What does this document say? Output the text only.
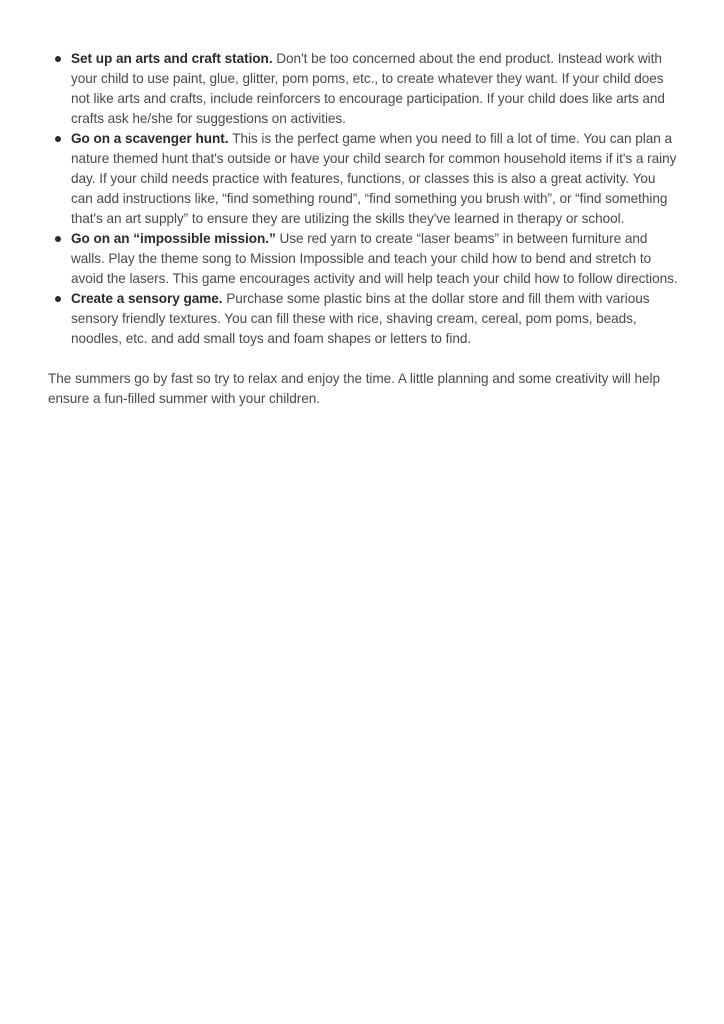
Set up an arts and craft station. Don't be too concerned about the end product. Instead work with your child to use paint, glue, glitter, pom poms, etc., to create whatever they want. If your child does not like arts and crafts, include reinforcers to encourage participation. If your child does like arts and crafts ask he/she for suggestions on activities.
Go on a scavenger hunt. This is the perfect game when you need to fill a lot of time. You can plan a nature themed hunt that's outside or have your child search for common household items if it's a rainy day. If your child needs practice with features, functions, or classes this is also a great activity. You can add instructions like, “find something round”, “find something you brush with”, or “find something that's an art supply” to ensure they are utilizing the skills they've learned in therapy or school.
Go on an “impossible mission.” Use red yarn to create “laser beams” in between furniture and walls. Play the theme song to Mission Impossible and teach your child how to bend and stretch to avoid the lasers. This game encourages activity and will help teach your child how to follow directions.
Create a sensory game. Purchase some plastic bins at the dollar store and fill them with various sensory friendly textures. You can fill these with rice, shaving cream, cereal, pom poms, beads, noodles, etc. and add small toys and foam shapes or letters to find.

The summers go by fast so try to relax and enjoy the time. A little planning and some creativity will help ensure a fun-filled summer with your children.
